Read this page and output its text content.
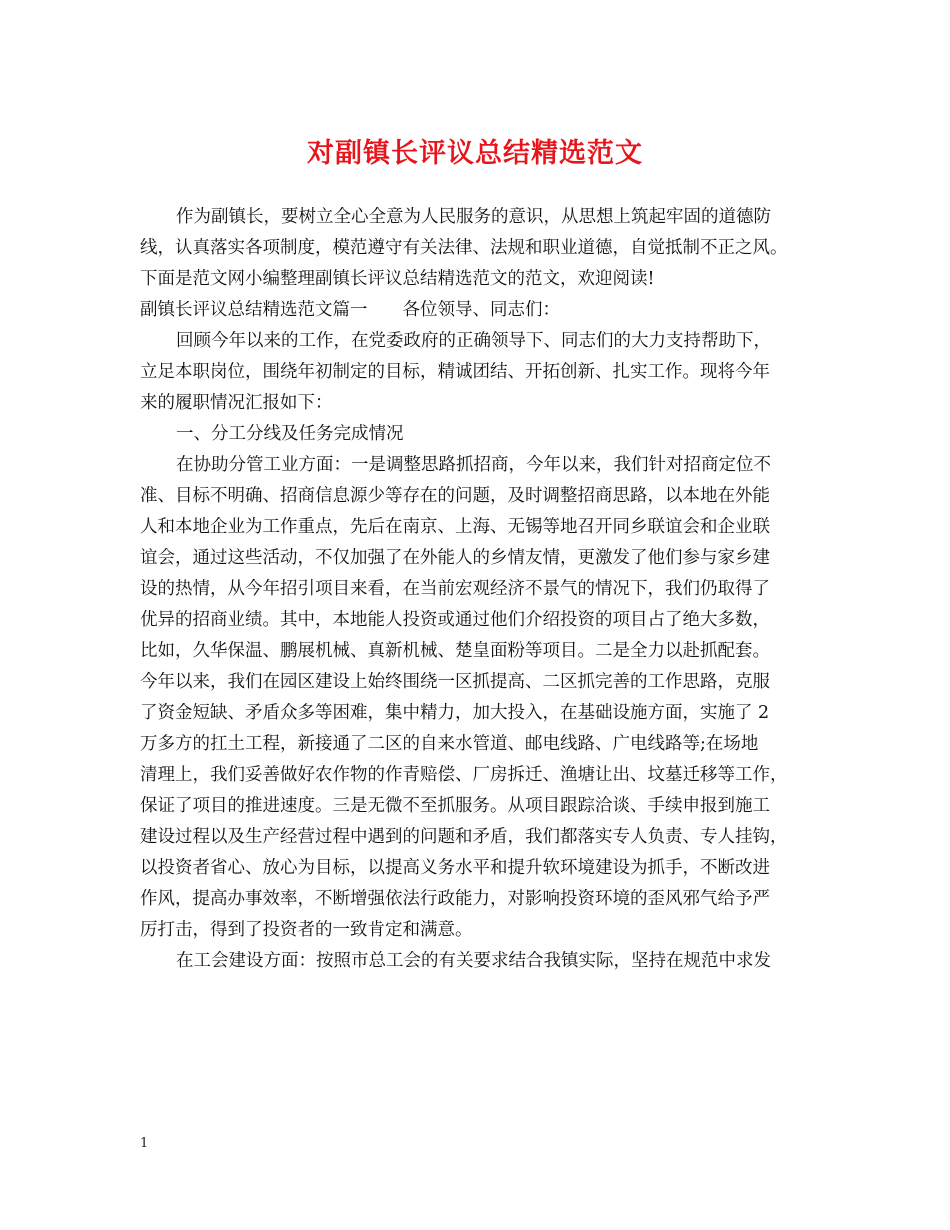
对副镇长评议总结精选范文
作为副镇长，要树立全心全意为人民服务的意识，从思想上筑起牢固的道德防
线，认真落实各项制度，模范遵守有关法律、法规和职业道德，自觉抵制不正之风。
下面是范文网小编整理副镇长评议总结精选范文的范文，欢迎阅读!
副镇长评议总结精选范文篇一　　各位领导、同志们：
回顾今年以来的工作，在党委政府的正确领导下、同志们的大力支持帮助下，
立足本职岗位，围绕年初制定的目标，精诚团结、开拓创新、扎实工作。现将今年
来的履职情况汇报如下：
一、分工分线及任务完成情况
在协助分管工业方面：一是调整思路抓招商，今年以来，我们针对招商定位不
准、目标不明确、招商信息源少等存在的问题，及时调整招商思路，以本地在外能
人和本地企业为工作重点，先后在南京、上海、无锡等地召开同乡联谊会和企业联
谊会，通过这些活动，不仅加强了在外能人的乡情友情，更激发了他们参与家乡建
设的热情，从今年招引项目来看，在当前宏观经济不景气的情况下，我们仍取得了
优异的招商业绩。其中，本地能人投资或通过他们介绍投资的项目占了绝大多数，
比如，久华保温、鹏展机械、真新机械、楚皇面粉等项目。二是全力以赴抓配套。
今年以来，我们在园区建设上始终围绕一区抓提高、二区抓完善的工作思路，克服
了资金短缺、矛盾众多等困难，集中精力，加大投入，在基础设施方面，实施了 2
万多方的扛土工程，新接通了二区的自来水管道、邮电线路、广电线路等;在场地
清理上，我们妥善做好农作物的作青赔偿、厂房拆迁、渔塘让出、坟墓迁移等工作，
保证了项目的推进速度。三是无微不至抓服务。从项目跟踪洽谈、手续申报到施工
建设过程以及生产经营过程中遇到的问题和矛盾，我们都落实专人负责、专人挂钩，
以投资者省心、放心为目标，以提高义务水平和提升软环境建设为抓手，不断改进
作风，提高办事效率，不断增强依法行政能力，对影响投资环境的歪风邪气给予严
厉打击，得到了投资者的一致肯定和满意。
在工会建设方面：按照市总工会的有关要求结合我镇实际，坚持在规范中求发
1
